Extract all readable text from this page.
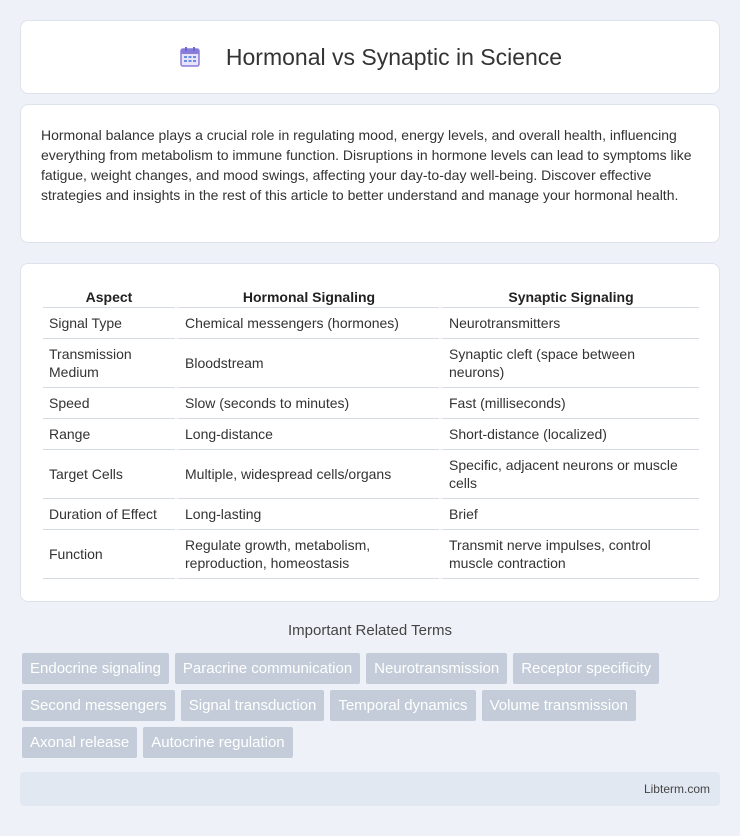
Hormonal vs Synaptic in Science

Hormonal balance plays a crucial role in regulating mood, energy levels, and overall health, influencing everything from metabolism to immune function. Disruptions in hormone levels can lead to symptoms like fatigue, weight changes, and mood swings, affecting your day-to-day well-being. Discover effective strategies and insights in the rest of this article to better understand and manage your hormonal health.

Aspect	Hormonal Signaling	Synaptic Signaling
Signal Type	Chemical messengers (hormones)	Neurotransmitters
Transmission Medium	Bloodstream	Synaptic cleft (space between neurons)
Speed	Slow (seconds to minutes)	Fast (milliseconds)
Range	Long-distance	Short-distance (localized)
Target Cells	Multiple, widespread cells/organs	Specific, adjacent neurons or muscle cells
Duration of Effect	Long-lasting	Brief
Function	Regulate growth, metabolism, reproduction, homeostasis	Transmit nerve impulses, control muscle contraction
Important Related Terms
Endocrine signaling	Paracrine communication	Neurotransmission	Receptor specificity
Second messengers	Signal transduction	Temporal dynamics	Volume transmission
Axonal release	Autocrine regulation
Libterm.com
